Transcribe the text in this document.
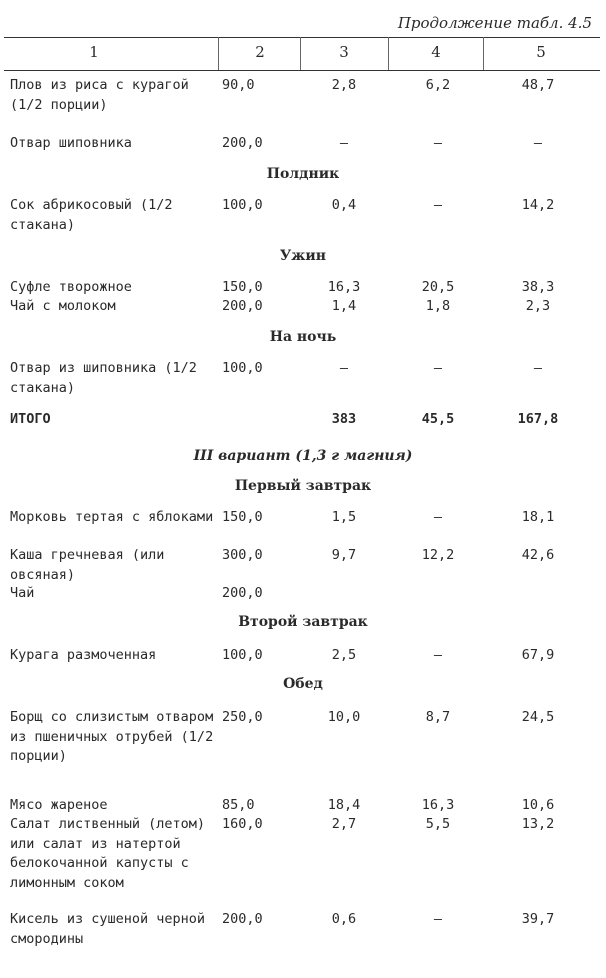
Продолжение табл. 4.5
1	2	3	4	5
Плов из риса с курагой (1/2 порции)
90,0	2,8	6,2	48,7
Отвар шиповника	200,0	—	—	—
Полдник
Сок абрикосовый (1/2 стакана)
100,0	0,4	—	14,2
Ужин
Суфле творожное	150,0	16,3	20,5	38,3
Чай с молоком	200,0	1,4	1,8	2,3
На ночь
Отвар из шиповника (1/2 стакана)
100,0	—	—	—
ИТОГО	383	45,5	167,8
III вариант (1,3 г магния)
Первый завтрак
Морковь тертая с яблоками 150,0	1,5	—	18,1
Каша гречневая (или овсяная)
300,0	9,7	12,2	42,6
Чай	200,0
Второй завтрак
Курага размоченная	100,0	2,5	—	67,9
Обед
Борщ со слизистым отваром из пшеничных отрубей (1/2 порции)
250,0	10,0	8,7	24,5
Мясо жареное	85,0	18,4	16,3	10,6
Салат лиственный (летом) или салат из натертой белокочанной капусты с лимонным соком
160,0	2,7	5,5	13,2
Кисель из сушеной черной смородины
200,0	0,6	—	39,7
